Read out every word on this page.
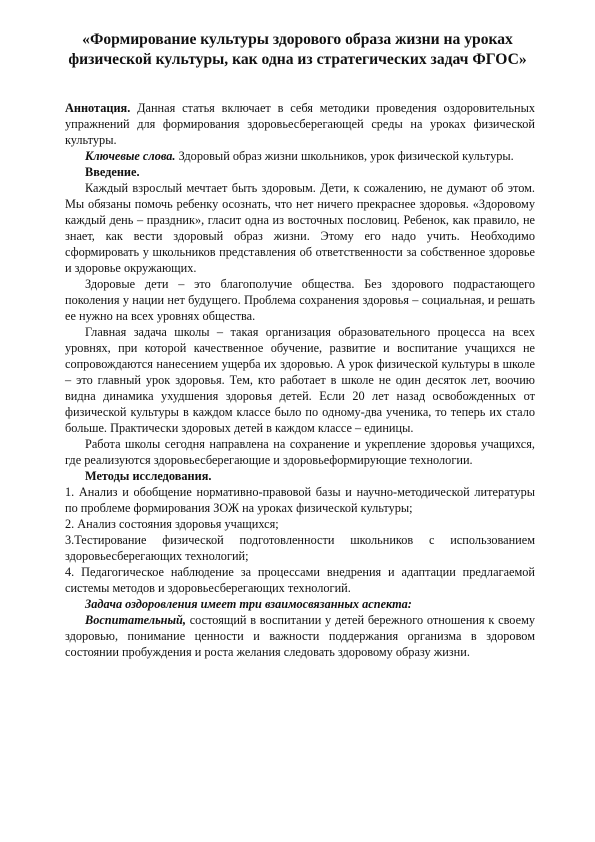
«Формирование культуры здорового образа жизни на уроках физической культуры, как одна из стратегических задач ФГОС»

Аннотация. Данная статья включает в себя методики проведения оздоровительных упражнений для формирования здоровьесберегающей среды на уроках физической культуры.

Ключевые слова. Здоровый образ жизни школьников, урок физической культуры.

Введение.

Каждый взрослый мечтает быть здоровым. Дети, к сожалению, не думают об этом. Мы обязаны помочь ребенку осознать, что нет ничего прекраснее здоровья. «Здоровому каждый день – праздник», гласит одна из восточных пословиц. Ребенок, как правило, не знает, как вести здоровый образ жизни. Этому его надо учить. Необходимо сформировать у школьников представления об ответственности за собственное здоровье и здоровье окружающих.

Здоровые дети – это благополучие общества. Без здорового подрастающего поколения у нации нет будущего. Проблема сохранения здоровья – социальная, и решать ее нужно на всех уровнях общества.

Главная задача школы – такая организация образовательного процесса на всех уровнях, при которой качественное обучение, развитие и воспитание учащихся не сопровождаются нанесением ущерба их здоровью. А урок физической культуры в школе – это главный урок здоровья. Тем, кто работает в школе не один десяток лет, воочию видна динамика ухудшения здоровья детей. Если 20 лет назад освобожденных от физической культуры в каждом классе было по одному-два ученика, то теперь их стало больше. Практически здоровых детей в каждом классе – единицы.

Работа школы сегодня направлена на сохранение и укрепление здоровья учащихся, где реализуются здоровьесберегающие и здоровьеформирующие технологии.

Методы исследования.

1. Анализ и обобщение нормативно-правовой базы и научно-методической литературы по проблеме формирования ЗОЖ на уроках физической культуры;

2. Анализ состояния здоровья учащихся;

3.Тестирование физической подготовленности школьников с использованием здоровьесберегающих технологий;

4. Педагогическое наблюдение за процессами внедрения и адаптации предлагаемой системы методов и здоровьесберегающих технологий.

Задача оздоровления имеет три взаимосвязанных аспекта:

Воспитательный, состоящий в воспитании у детей бережного отношения к своему здоровью, понимание ценности и важности поддержания организма в здоровом состоянии пробуждения и роста желания следовать здоровому образу жизни.
